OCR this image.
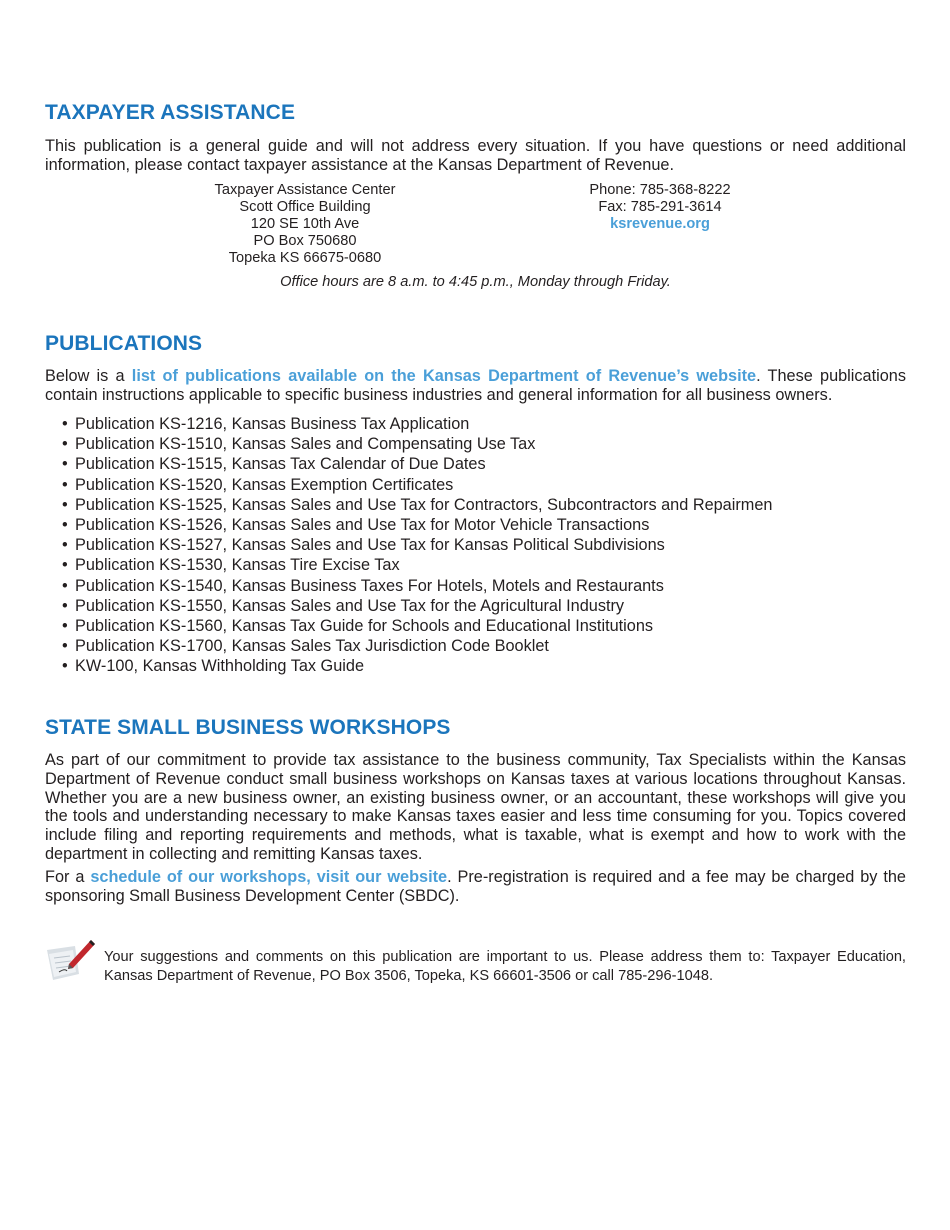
TAXPAYER ASSISTANCE

This publication is a general guide and will not address every situation. If you have questions or need additional information, please contact taxpayer assistance at the Kansas Department of Revenue.

Taxpayer Assistance Center
Scott Office Building
120 SE 10th Ave
PO Box 750680
Topeka KS 66675-0680
Phone: 785-368-8222
Fax: 785-291-3614
ksrevenue.org
Office hours are 8 a.m. to 4:45 p.m., Monday through Friday.
PUBLICATIONS

Below is a list of publications available on the Kansas Department of Revenue’s website. These publications contain instructions applicable to specific business industries and general information for all business owners.

• Publication KS-1216, Kansas Business Tax Application
• Publication KS-1510, Kansas Sales and Compensating Use Tax
• Publication KS-1515, Kansas Tax Calendar of Due Dates
• Publication KS-1520, Kansas Exemption Certificates
• Publication KS-1525, Kansas Sales and Use Tax for Contractors, Subcontractors and Repairmen
• Publication KS-1526, Kansas Sales and Use Tax for Motor Vehicle Transactions
• Publication KS-1527, Kansas Sales and Use Tax for Kansas Political Subdivisions
• Publication KS-1530, Kansas Tire Excise Tax
• Publication KS-1540, Kansas Business Taxes For Hotels, Motels and Restaurants
• Publication KS-1550, Kansas Sales and Use Tax for the Agricultural Industry
• Publication KS-1560, Kansas Tax Guide for Schools and Educational Institutions
• Publication KS-1700, Kansas Sales Tax Jurisdiction Code Booklet
• KW-100, Kansas Withholding Tax Guide
STATE SMALL BUSINESS WORKSHOPS

As part of our commitment to provide tax assistance to the business community, Tax Specialists within the Kansas Department of Revenue conduct small business workshops on Kansas taxes at various locations throughout Kansas. Whether you are a new business owner, an existing business owner, or an accountant, these workshops will give you the tools and understanding necessary to make Kansas taxes easier and less time consuming for you. Topics covered include filing and reporting requirements and methods, what is taxable, what is exempt and how to work with the department in collecting and remitting Kansas taxes.

For a schedule of our workshops, visit our website. Pre-registration is required and a fee may be charged by the sponsoring Small Business Development Center (SBDC).

Your suggestions and comments on this publication are important to us. Please address them to: Taxpayer Education, Kansas Department of Revenue, PO Box 3506, Topeka, KS 66601-3506 or call 785-296-1048.
